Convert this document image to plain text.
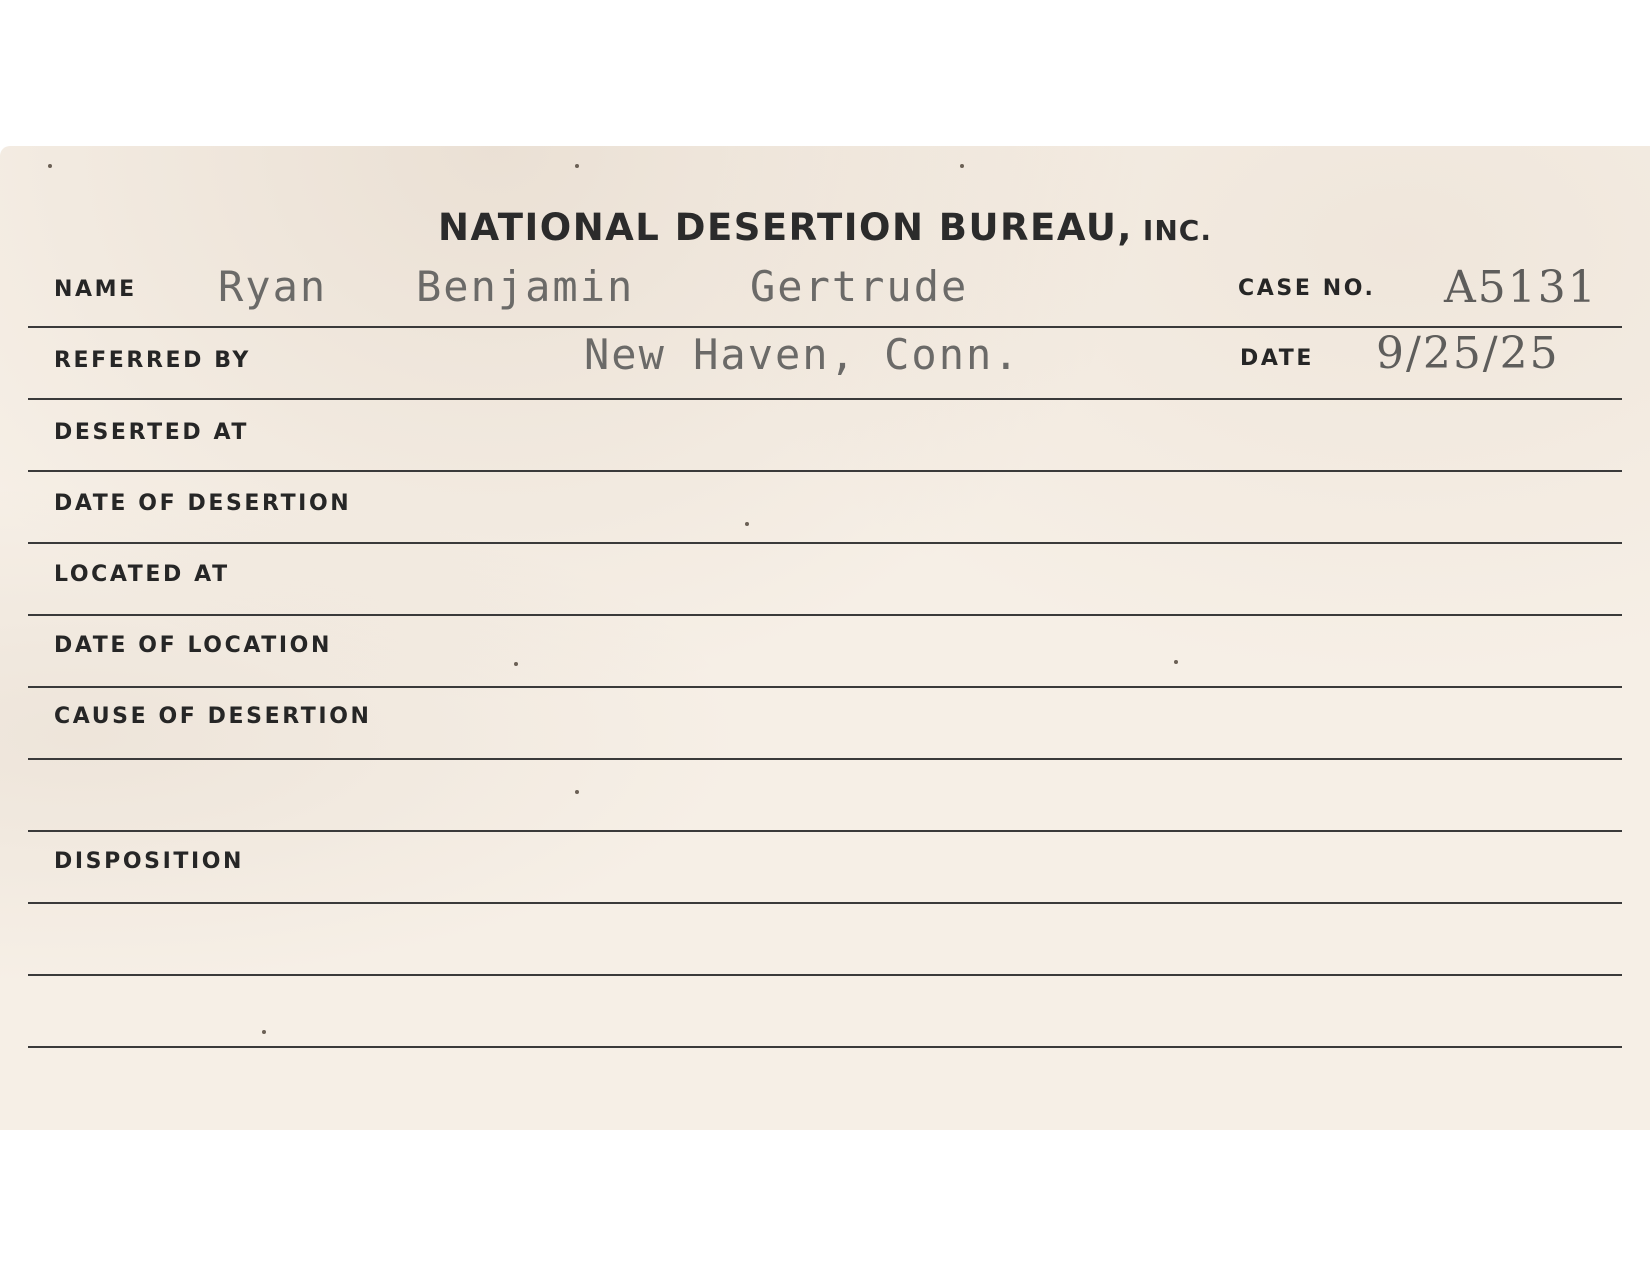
NATIONAL DESERTION BUREAU, INC.
NAME Ryan Benjamin	Gertrude	CASE NO. A5131
REFERRED BY	New Haven, Conn.	DATE 9/25/25
DESERTED AT
DATE OF DESERTION
LOCATED AT
DATE OF LOCATION
CAUSE OF DESERTION
DISPOSITION
